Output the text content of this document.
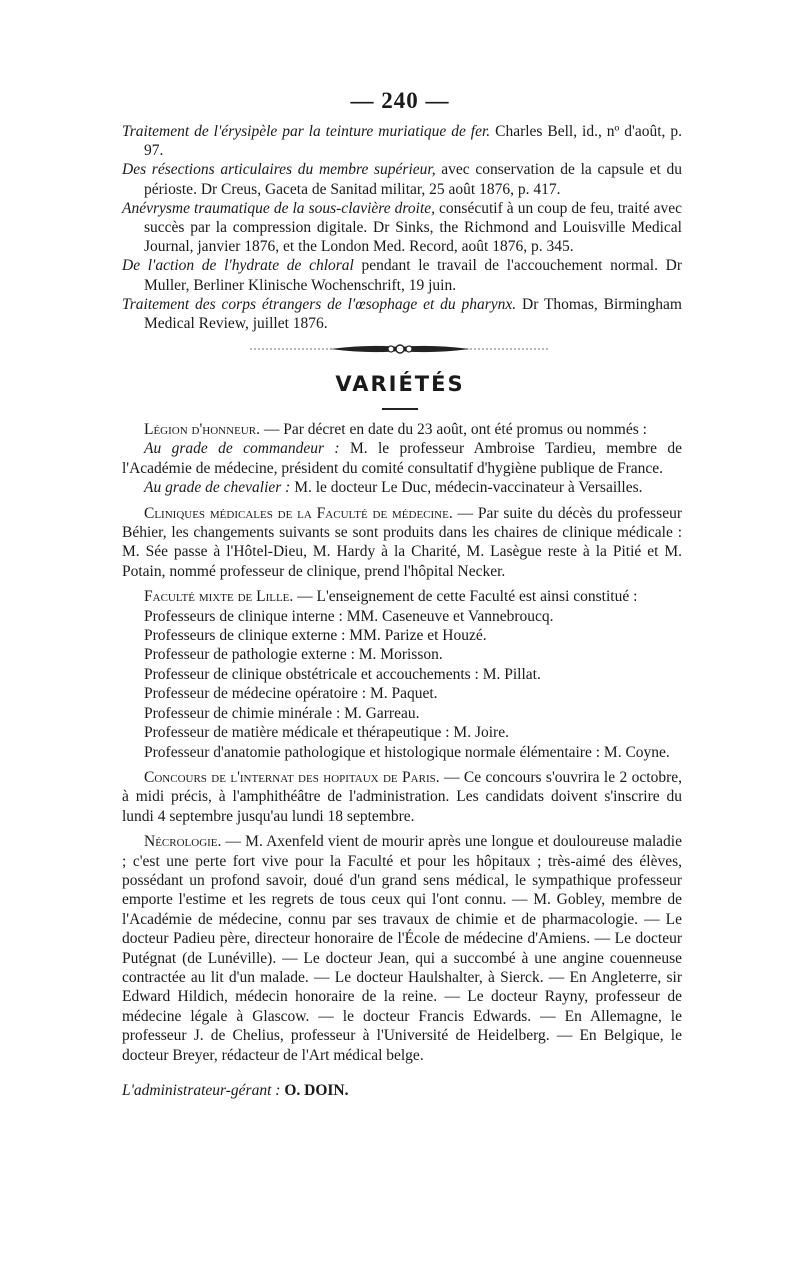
— 240 —

Traitement de l'érysipèle par la teinture muriatique de fer. Charles Bell, id., nº d'août, p. 97.

Des résections articulaires du membre supérieur, avec conservation de la capsule et du périoste. Dr Creus, Gaceta de Sanitad militar, 25 août 1876, p. 417.

Anévrysme traumatique de la sous-clavière droite, consécutif à un coup de feu, traité avec succès par la compression digitale. Dr Sinks, the Richmond and Louisville Medical Journal, janvier 1876, et the London Med. Record, août 1876, p. 345.

De l'action de l'hydrate de chloral pendant le travail de l'accouchement normal. Dr Muller, Berliner Klinische Wochenschrift, 19 juin.

Traitement des corps étrangers de l'œsophage et du pharynx. Dr Thomas, Birmingham Medical Review, juillet 1876.

VARIÉTÉS

Légion d'honneur. — Par décret en date du 23 août, ont été promus ou nommés :

Au grade de commandeur : M. le professeur Ambroise Tardieu, membre de l'Académie de médecine, président du comité consultatif d'hygiène publique de France.

Au grade de chevalier : M. le docteur Le Duc, médecin-vaccinateur à Versailles.

Cliniques médicales de la Faculté de médecine. — Par suite du décès du professeur Béhier, les changements suivants se sont produits dans les chaires de clinique médicale : M. Sée passe à l'Hôtel-Dieu, M. Hardy à la Charité, M. Lasègue reste à la Pitié et M. Potain, nommé professeur de clinique, prend l'hôpital Necker.

Faculté mixte de Lille. — L'enseignement de cette Faculté est ainsi constitué :

Professeurs de clinique interne : MM. Caseneuve et Vannebroucq.

Professeurs de clinique externe : MM. Parize et Houzé.

Professeur de pathologie externe : M. Morisson.

Professeur de clinique obstétricale et accouchements : M. Pillat.

Professeur de médecine opératoire : M. Paquet.

Professeur de chimie minérale : M. Garreau.

Professeur de matière médicale et thérapeutique : M. Joire.

Professeur d'anatomie pathologique et histologique normale élémentaire : M. Coyne.

Concours de l'internat des hopitaux de Paris. — Ce concours s'ouvrira le 2 octobre, à midi précis, à l'amphithéâtre de l'administration. Les candidats doivent s'inscrire du lundi 4 septembre jusqu'au lundi 18 septembre.

Nécrologie. — M. Axenfeld vient de mourir après une longue et douloureuse maladie ; c'est une perte fort vive pour la Faculté et pour les hôpitaux ; très-aimé des élèves, possédant un profond savoir, doué d'un grand sens médical, le sympathique professeur emporte l'estime et les regrets de tous ceux qui l'ont connu. — M. Gobley, membre de l'Académie de médecine, connu par ses travaux de chimie et de pharmacologie. — Le docteur Padieu père, directeur honoraire de l'École de médecine d'Amiens. — Le docteur Putégnat (de Lunéville). — Le docteur Jean, qui a succombé à une angine couenneuse contractée au lit d'un malade. — Le docteur Haulshalter, à Sierck. — En Angleterre, sir Edward Hildich, médecin honoraire de la reine. — Le docteur Rayny, professeur de médecine légale à Glascow. — le docteur Francis Edwards. — En Allemagne, le professeur J. de Chelius, professeur à l'Université de Heidelberg. — En Belgique, le docteur Breyer, rédacteur de l'Art médical belge.

L'administrateur-gérant : O. DOIN.
